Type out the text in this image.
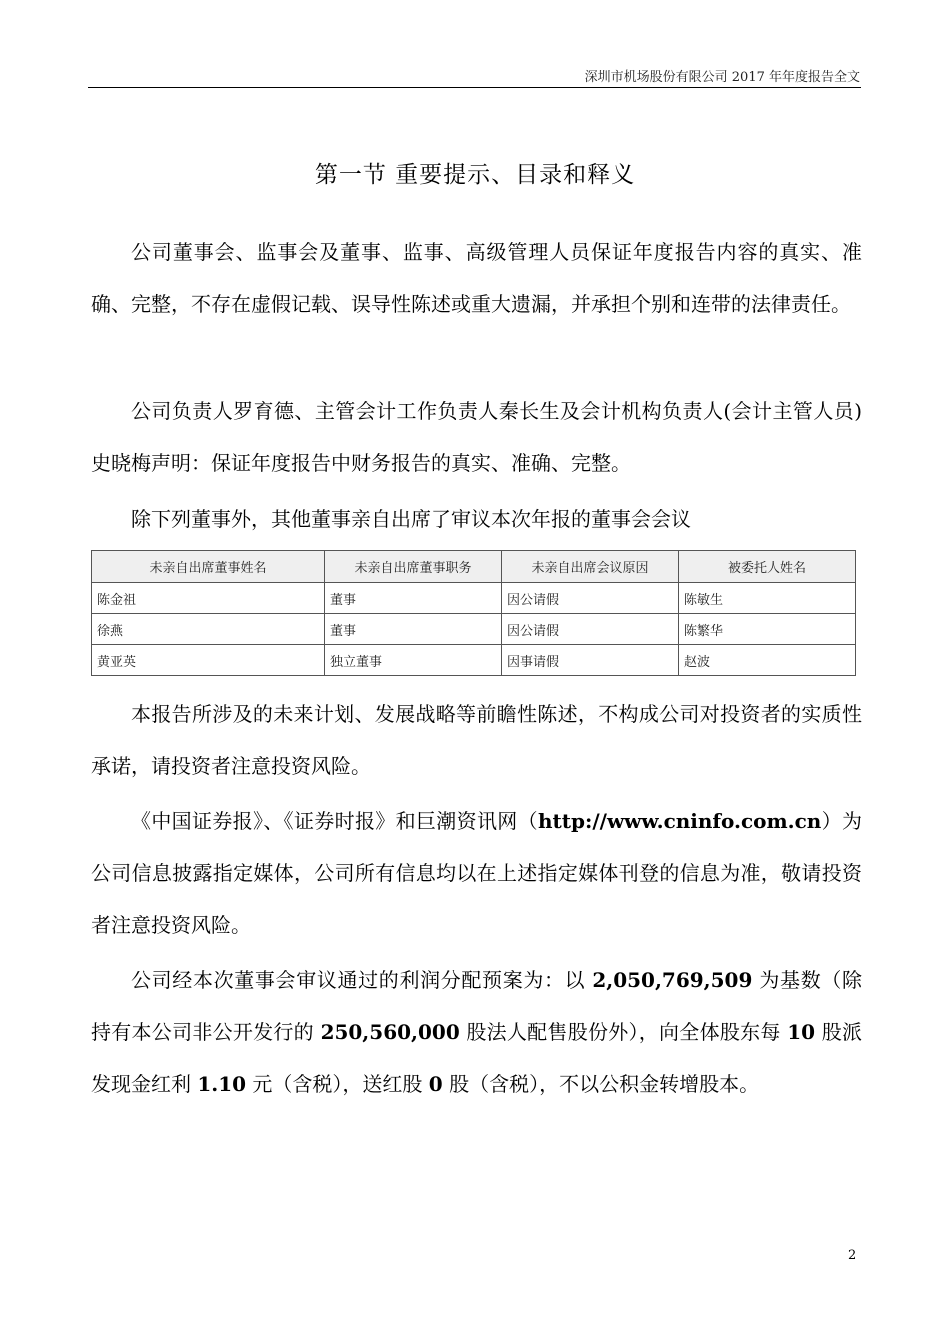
深圳市机场股份有限公司 2017 年年度报告全文
第一节 重要提示、目录和释义

公司董事会、监事会及董事、监事、高级管理人员保证年度报告内容的真实、准确、完整，不存在虚假记载、误导性陈述或重大遗漏，并承担个别和连带的法律责任。

公司负责人罗育德、主管会计工作负责人秦长生及会计机构负责人(会计主管人员)史晓梅声明：保证年度报告中财务报告的真实、准确、完整。

除下列董事外，其他董事亲自出席了审议本次年报的董事会会议

未亲自出席董事姓名	未亲自出席董事职务	未亲自出席会议原因	被委托人姓名
陈金祖	董事	因公请假	陈敏生
徐燕	董事	因公请假	陈繁华
黄亚英	独立董事	因事请假	赵波

本报告所涉及的未来计划、发展战略等前瞻性陈述，不构成公司对投资者的实质性承诺，请投资者注意投资风险。

《中国证券报》、《证券时报》和巨潮资讯网（http://www.cninfo.com.cn）为公司信息披露指定媒体，公司所有信息均以在上述指定媒体刊登的信息为准，敬请投资者注意投资风险。

公司经本次董事会审议通过的利润分配预案为：以 2,050,769,509 为基数（除持有本公司非公开发行的 250,560,000 股法人配售股份外），向全体股东每 10 股派发现金红利 1.10 元（含税），送红股 0 股（含税），不以公积金转增股本。

2
